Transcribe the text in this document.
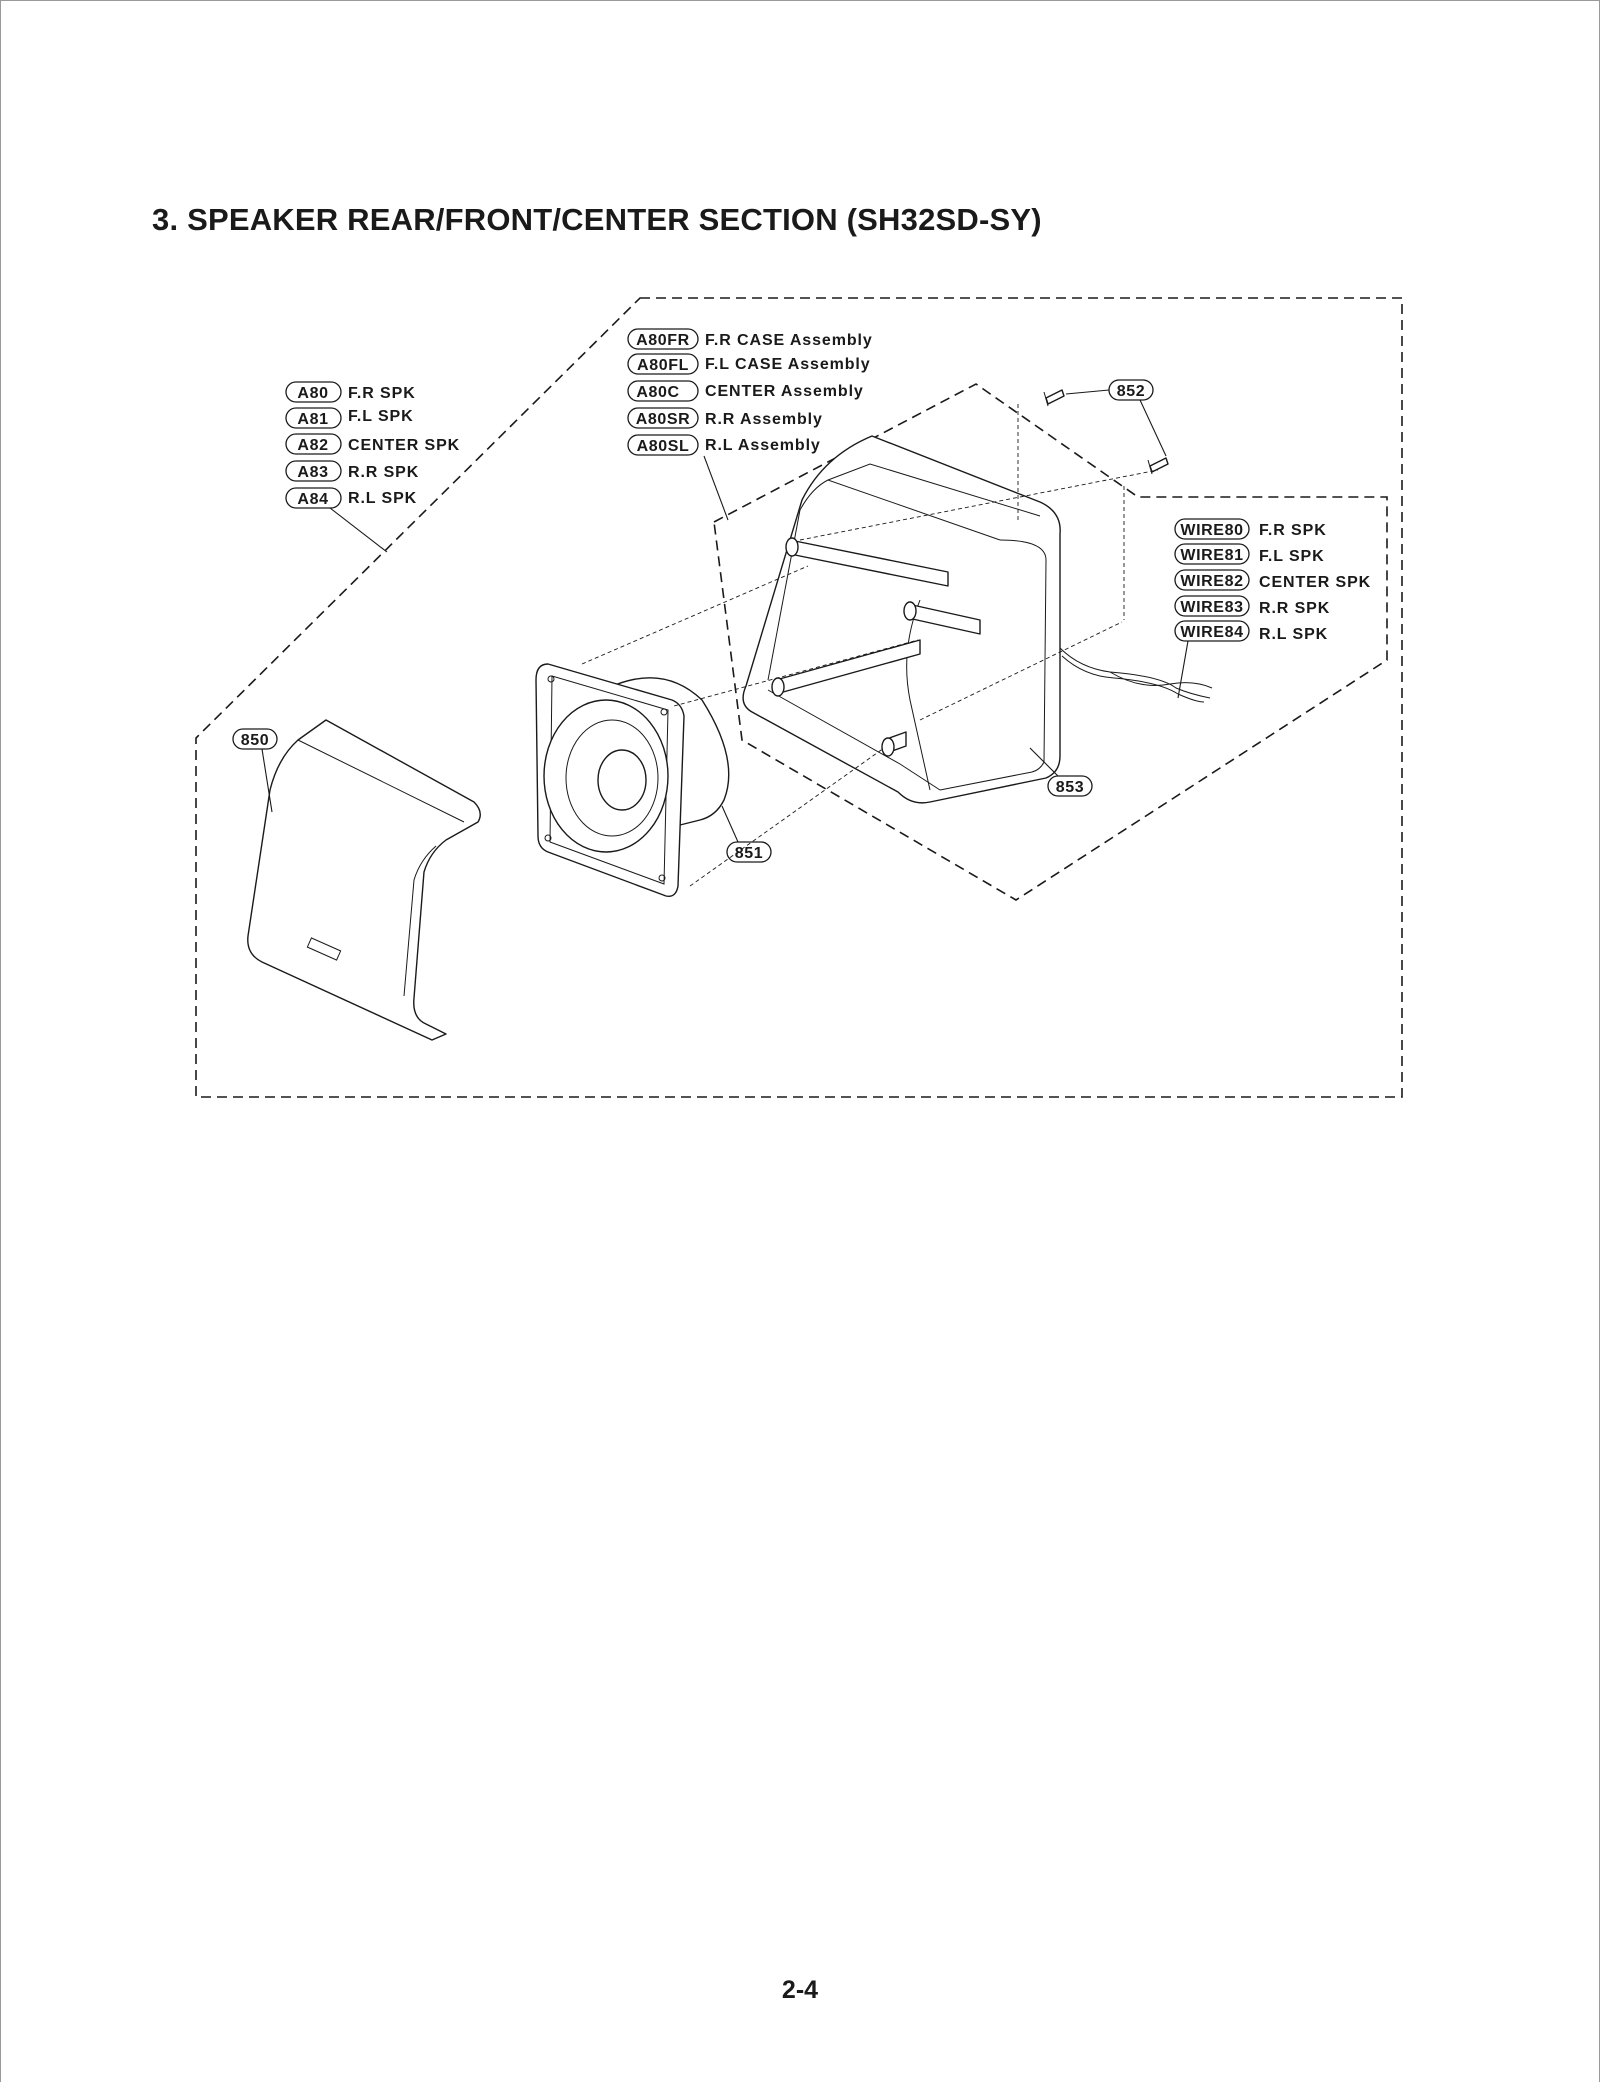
3. SPEAKER REAR/FRONT/CENTER SECTION (SH32SD-SY)
A80 F.R SPK
A81 F.L SPK
A82 CENTER SPK
A83 R.R SPK
A84 R.L SPK
A80FR F.R CASE Assembly
A80FL F.L CASE Assembly
A80C CENTER Assembly
A80SR R.R Assembly
A80SL R.L Assembly
WIRE80 F.R SPK
WIRE81 F.L SPK
WIRE82 CENTER SPK
WIRE83 R.R SPK
WIRE84 R.L SPK
850
851
853
852
2-4
